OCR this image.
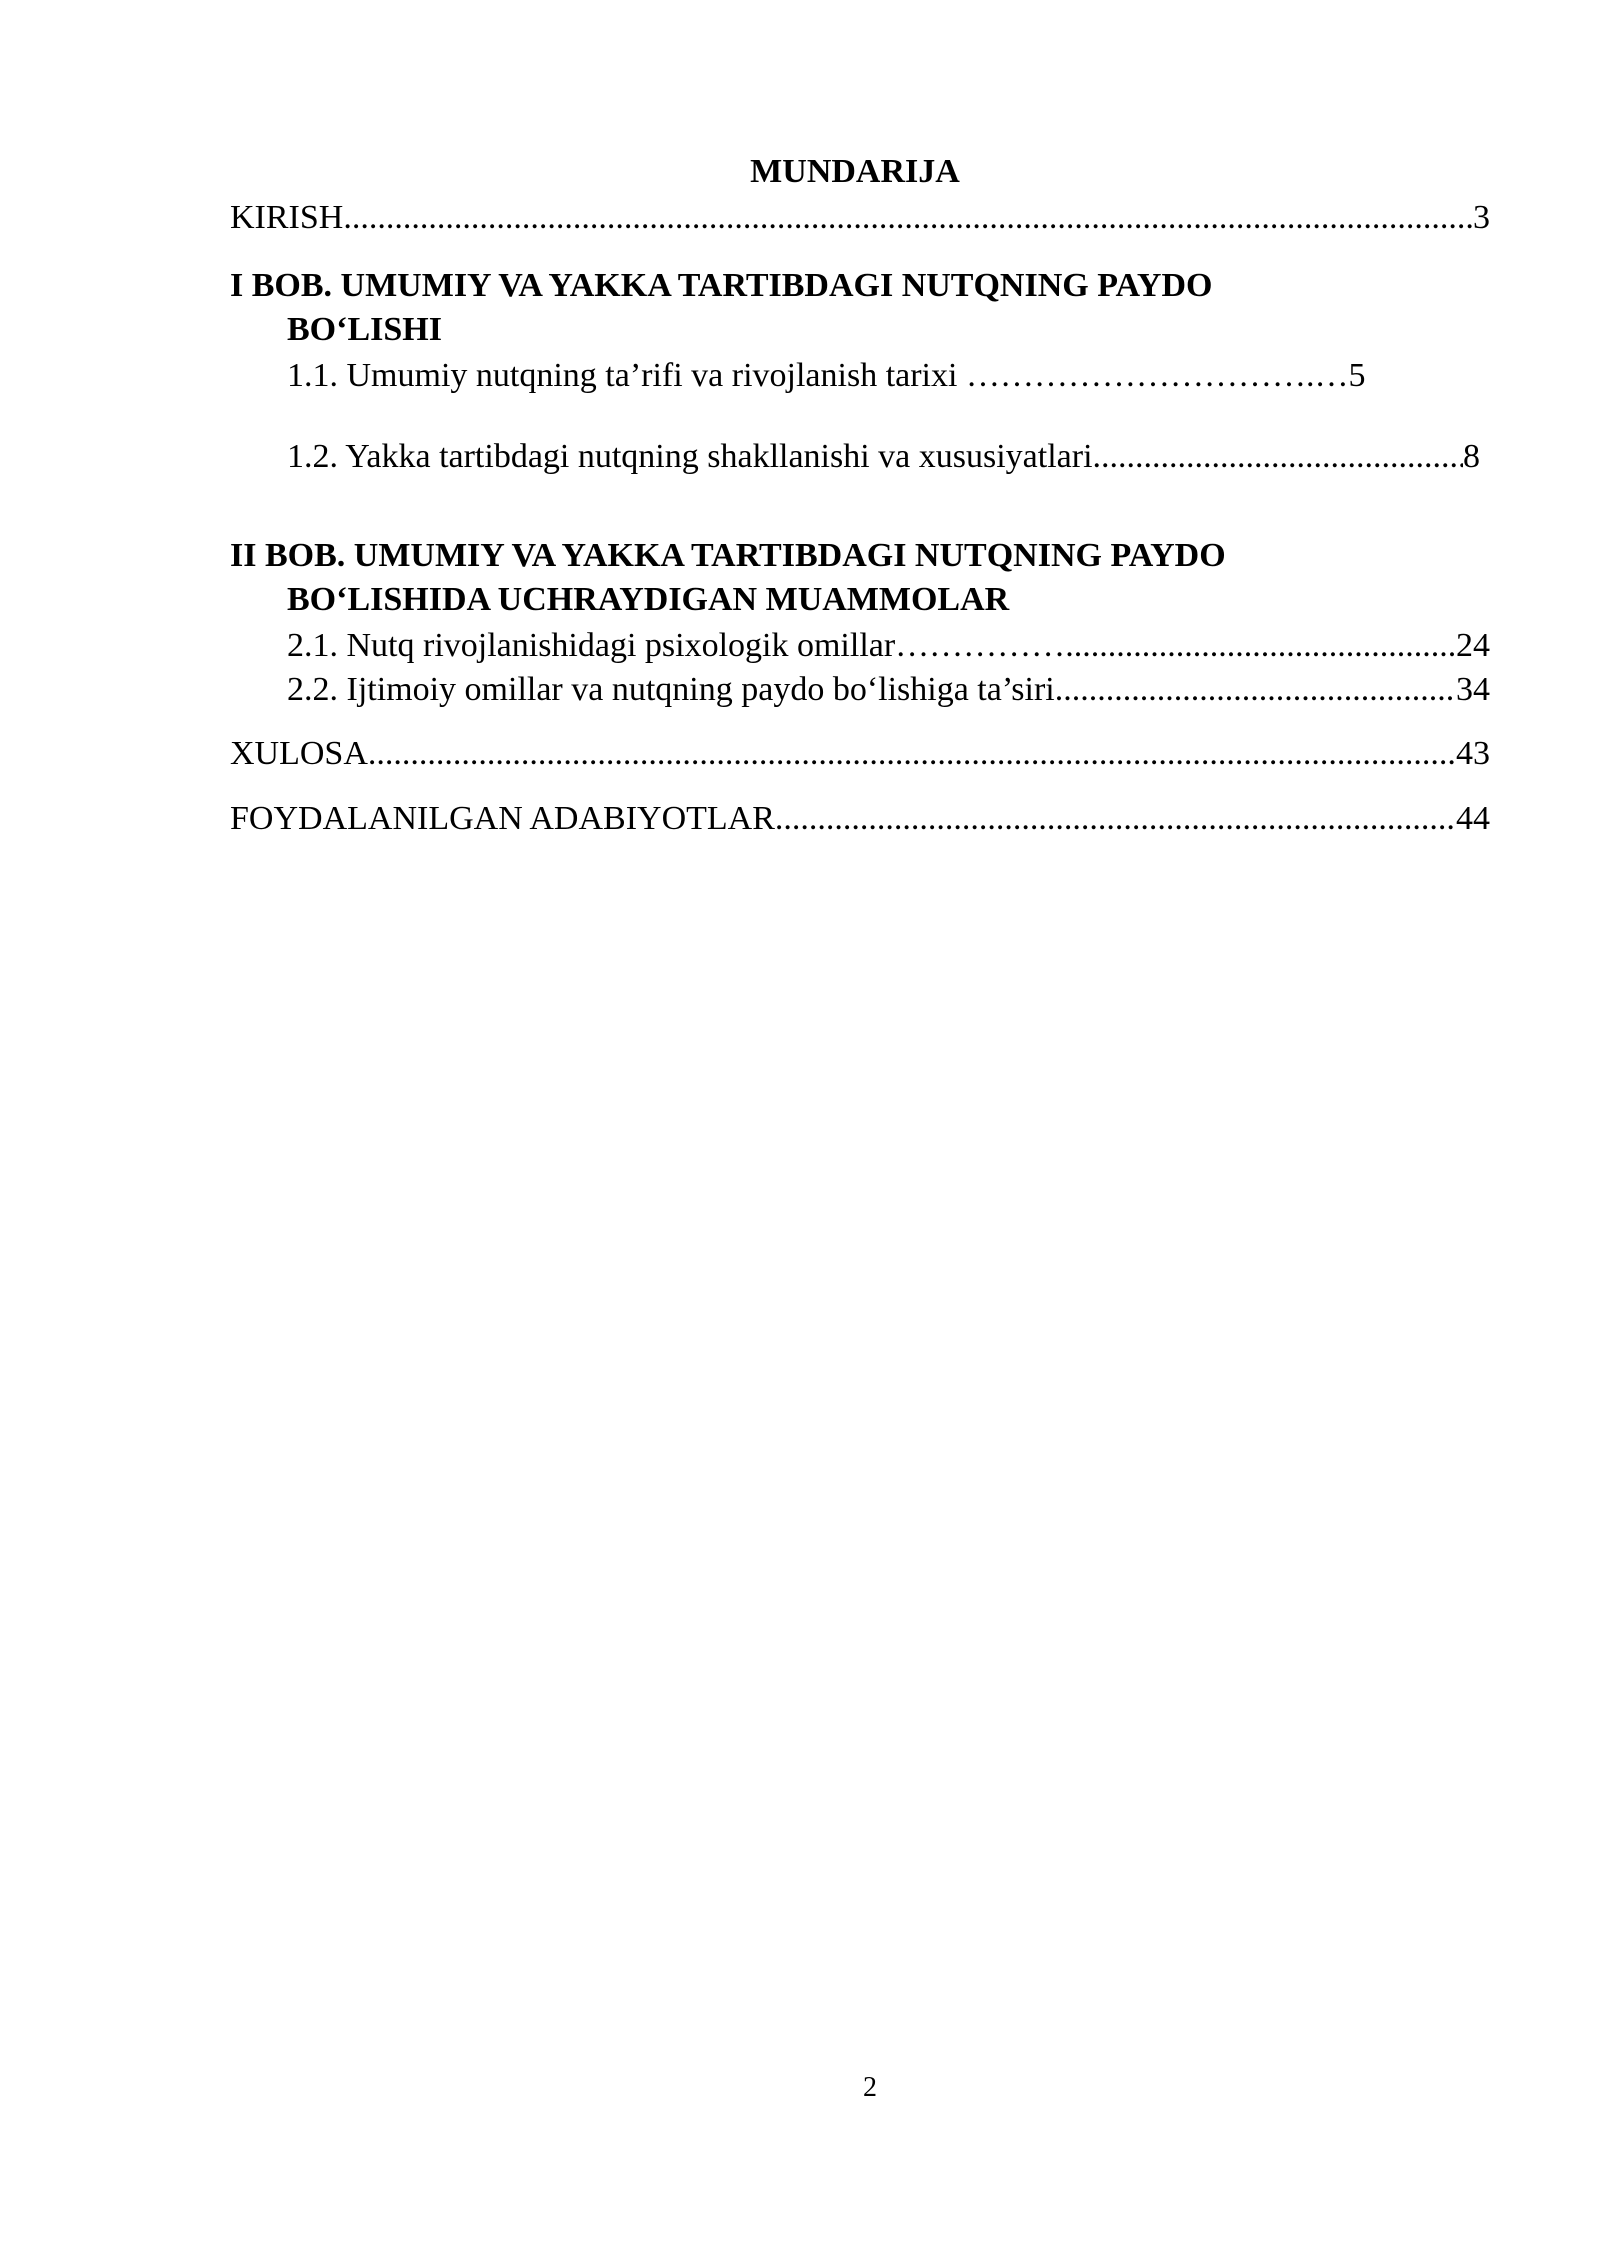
MUNDARIJA
KIRISH .....	3
I BOB. UMUMIY VA YAKKA TARTIBDAGI NUTQNING PAYDO
BO‘LISHI
1.1. Umumiy nutqning ta’rifi va rivojlanish tarixi ………………………….… 5
1.2. Yakka tartibdagi nutqning shakllanishi va xususiyatlari .....	8
II BOB. UMUMIY VA YAKKA TARTIBDAGI NUTQNING PAYDO
BO‘LISHIDA UCHRAYDIGAN MUAMMOLAR
2.1. Nutq rivojlanishidagi psixologik omillar…………… .....	24
2.2. Ijtimoiy omillar va nutqning paydo bo‘lishiga ta’siri .....	34
XULOSA .....	43
FOYDALANILGAN ADABIYOTLAR .....	44
2
